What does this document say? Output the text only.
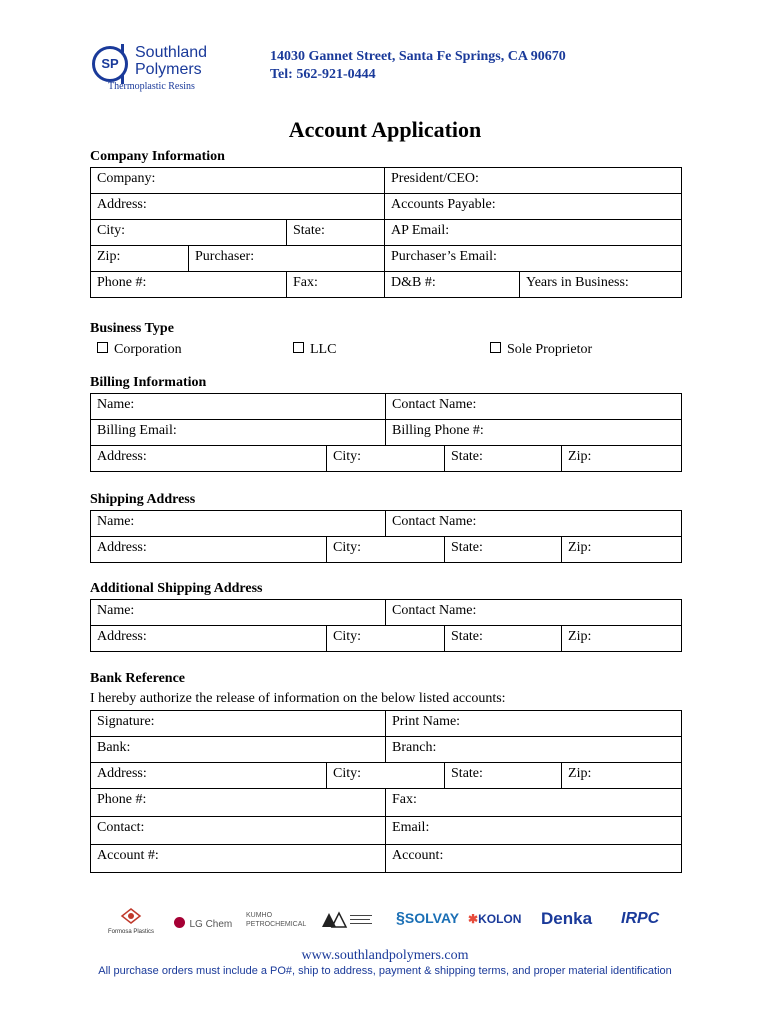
SP
Southland
Polymers
Thermoplastic Resins
14030 Gannet Street, Santa Fe Springs, CA 90670
Tel: 562-921-0444
Account Application
Company Information
Company:			President/CEO:	
Address:			Accounts Payable:	
City:		State:	AP Email:	
Zip:	Purchaser:		Purchaser’s Email:	
Phone #:		Fax:	D&B #:	Years in Business:
Business Type
Corporation	LLC	Sole Proprietor
Billing Information
Name:		Contact Name:		
Billing Email:		Billing Phone #:		
Address:	City:		State:	Zip:
Shipping Address
Name:		Contact Name:		
Address:	City:		State:	Zip:
Additional Shipping Address
Name:		Contact Name:		
Address:	City:		State:	Zip:
Bank Reference
I hereby authorize the release of information on the below listed accounts:
Signature:		Print Name:		
Bank:		Branch:		
Address:	City:		State:	Zip:
Phone #:		Fax:		
Contact:		Email:		
Account #:		Account:		
Formosa Plastics
LG Chem
KUMHO
PETROCHEMICAL	§SOLVAY ✱KOLON Denka IRPC
www.southlandpolymers.com
All purchase orders must include a PO#, ship to address, payment & shipping terms, and proper material identification
